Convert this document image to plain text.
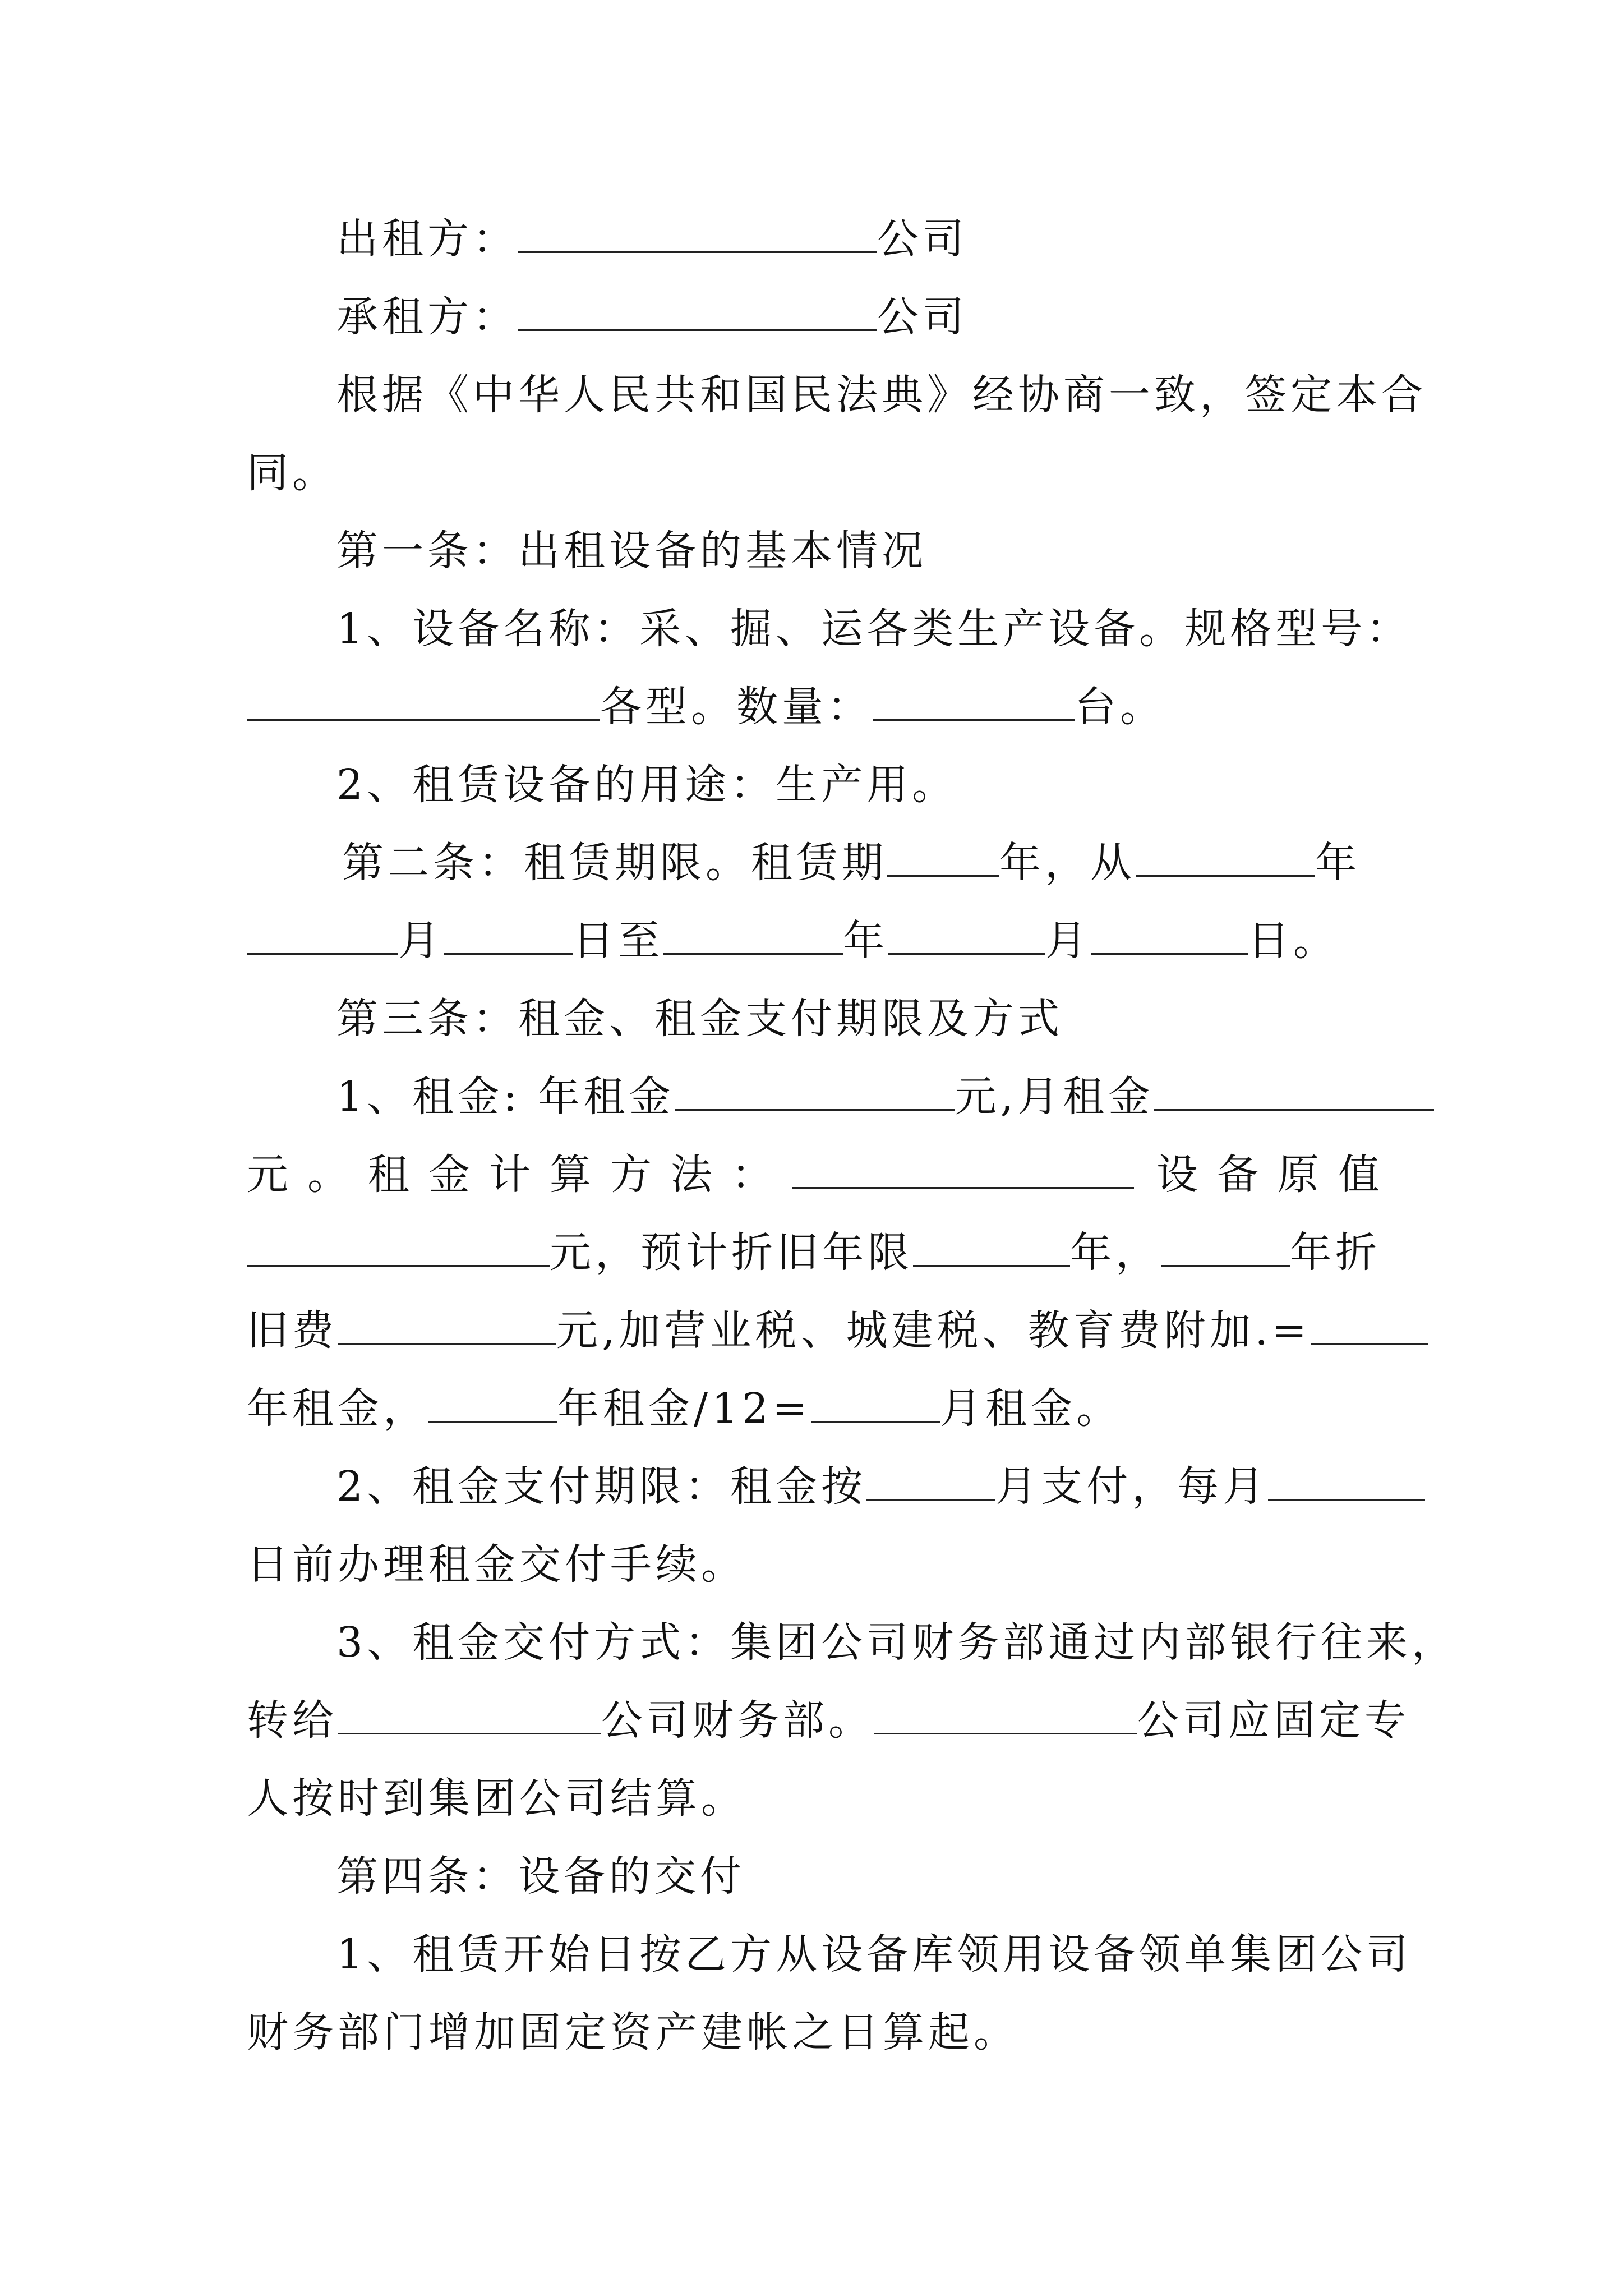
出租方：	公司
承租方：	公司
根据《中华人民共和国民法典》经协商一致，签定本合
同。
第一条：出租设备的基本情况
1、设备名称：采、掘、运各类生产设备。规格型号：
各型。数量：	台。
2、租赁设备的用途：生产用。
第二条：租赁期限。租赁期	年，从	年
月	日至	年	月	日。
第三条：租金、租金支付期限及方式
1、租金: 年租金	元,月租金
元。租金计算方法：	设备原值
元，预计折旧年限	年，	年折
旧费	元,加营业税、城建税、教育费附加.=
年租金，	年租金/12=	月租金。
2、租金支付期限：租金按	月支付，每月
日前办理租金交付手续。
3、租金交付方式：集团公司财务部通过内部银行往来，
转给	公司财务部。	公司应固定专
人按时到集团公司结算。
第四条：设备的交付
1、租赁开始日按乙方从设备库领用设备领单集团公司
财务部门增加固定资产建帐之日算起。
